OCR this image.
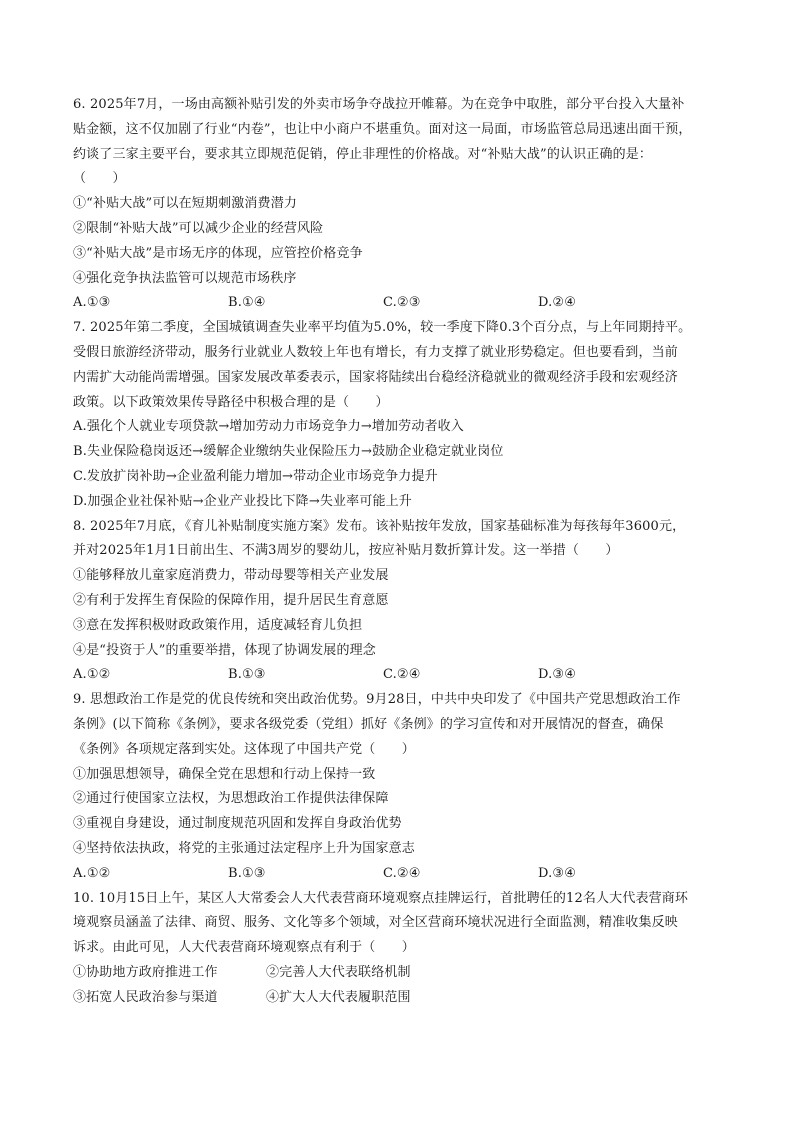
6. 2025年7月，一场由高额补贴引发的外卖市场争夺战拉开帷幕。为在竞争中取胜，部分平台投入大量补
贴金额，这不仅加剧了行业“内卷”，也让中小商户不堪重负。面对这一局面，市场监管总局迅速出面干预，
约谈了三家主要平台，要求其立即规范促销，停止非理性的价格战。对“补贴大战”的认识正确的是：
（　　）
①“补贴大战”可以在短期刺激消费潜力
②限制“补贴大战”可以减少企业的经营风险
③“补贴大战”是市场无序的体现，应管控价格竞争
④强化竞争执法监管可以规范市场秩序
A.①③	B.①④	C.②③	D.②④
7. 2025年第二季度，全国城镇调查失业率平均值为5.0%，较一季度下降0.3个百分点，与上年同期持平。
受假日旅游经济带动，服务行业就业人数较上年也有增长，有力支撑了就业形势稳定。但也要看到，当前
内需扩大动能尚需增强。国家发展改革委表示，国家将陆续出台稳经济稳就业的微观经济手段和宏观经济
政策。以下政策效果传导路径中积极合理的是（　　）
A.强化个人就业专项贷款→增加劳动力市场竞争力→增加劳动者收入
B.失业保险稳岗返还→缓解企业缴纳失业保险压力→鼓励企业稳定就业岗位
C.发放扩岗补助→企业盈利能力增加→带动企业市场竞争力提升
D.加强企业社保补贴→企业产业投比下降→失业率可能上升
8. 2025年7月底，《育儿补贴制度实施方案》发布。该补贴按年发放，国家基础标准为每孩每年3600元，
并对2025年1月1日前出生、不满3周岁的婴幼儿，按应补贴月数折算计发。这一举措（　　）
①能够释放儿童家庭消费力，带动母婴等相关产业发展
②有利于发挥生育保险的保障作用，提升居民生育意愿
③意在发挥积极财政政策作用，适度减轻育儿负担
④是“投资于人”的重要举措，体现了协调发展的理念
A.①②	B.①③	C.②④	D.③④
9. 思想政治工作是党的优良传统和突出政治优势。9月28日，中共中央印发了《中国共产党思想政治工作
条例》(以下简称《条例》，要求各级党委（党组）抓好《条例》的学习宣传和对开展情况的督查，确保
《条例》各项规定落到实处。这体现了中国共产党（　　）
①加强思想领导，确保全党在思想和行动上保持一致
②通过行使国家立法权，为思想政治工作提供法律保障
③重视自身建设，通过制度规范巩固和发挥自身政治优势
④坚持依法执政，将党的主张通过法定程序上升为国家意志
A.①②	B.①③	C.②④	D.③④
10. 10月15日上午，某区人大常委会人大代表营商环境观察点挂牌运行，首批聘任的12名人大代表营商环
境观察员涵盖了法律、商贸、服务、文化等多个领域，对全区营商环境状况进行全面监测，精准收集反映
诉求。由此可见，人大代表营商环境观察点有利于（　　）
①协助地方政府推进工作	②完善人大代表联络机制
③拓宽人民政治参与渠道	④扩大人大代表履职范围
